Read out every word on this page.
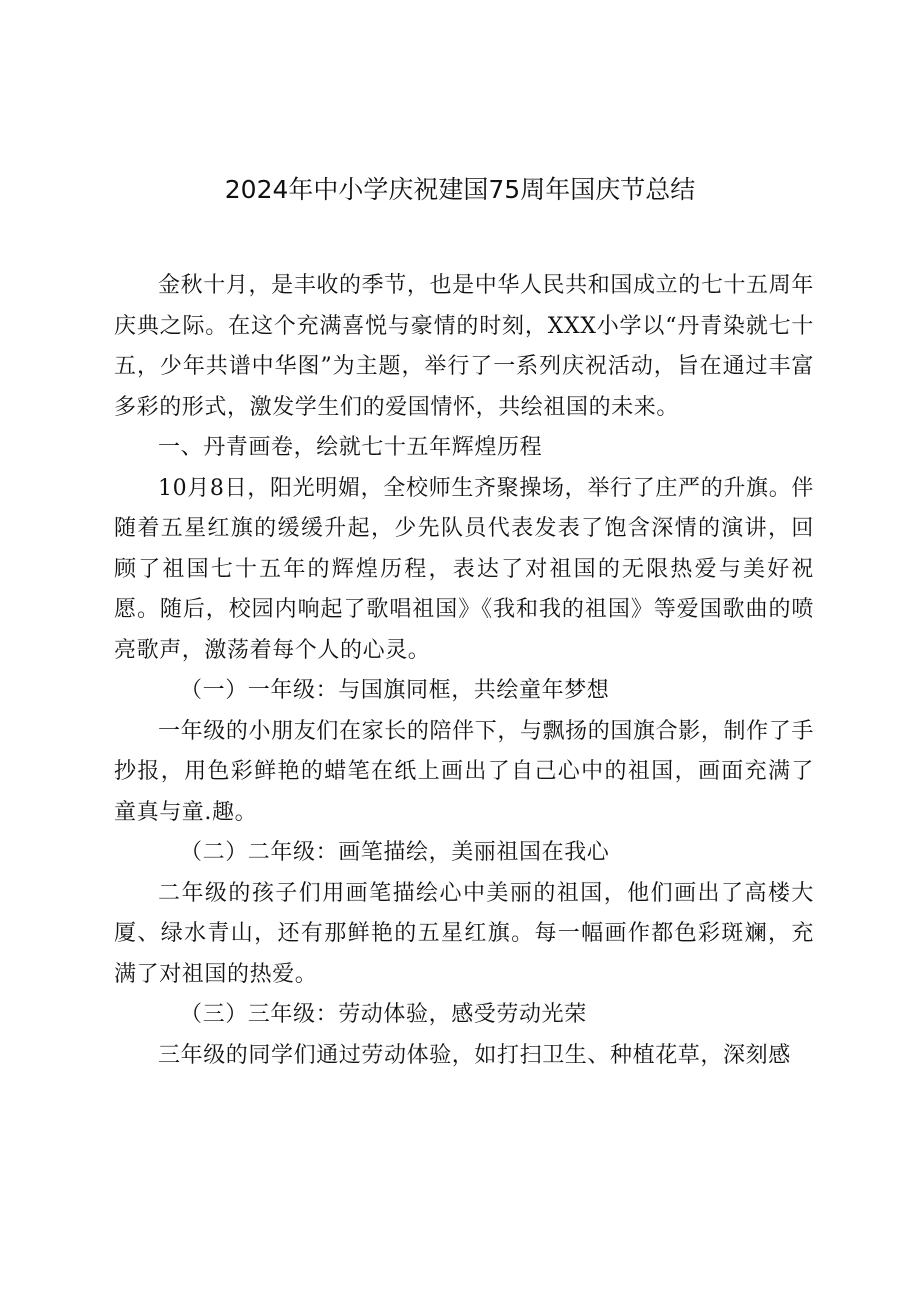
2024年中小学庆祝建国75周年国庆节总结

金秋十月，是丰收的季节，也是中华人民共和国成立的七十五周年庆典之际。在这个充满喜悦与豪情的时刻，XXX小学以“丹青染就七十五，少年共谱中华图”为主题，举行了一系列庆祝活动，旨在通过丰富多彩的形式，激发学生们的爱国情怀，共绘祖国的未来。

一、丹青画卷，绘就七十五年辉煌历程

10月8日，阳光明媚，全校师生齐聚操场，举行了庄严的升旗。伴随着五星红旗的缓缓升起，少先队员代表发表了饱含深情的演讲，回顾了祖国七十五年的辉煌历程，表达了对祖国的无限热爱与美好祝愿。随后，校园内响起了歌唱祖国》《我和我的祖国》等爱国歌曲的喷亮歌声，激荡着每个人的心灵。

（一）一年级：与国旗同框，共绘童年梦想

一年级的小朋友们在家长的陪伴下，与飘扬的国旗合影，制作了手抄报，用色彩鲜艳的蜡笔在纸上画出了自己心中的祖国，画面充满了童真与童.趣。

（二）二年级：画笔描绘，美丽祖国在我心

二年级的孩子们用画笔描绘心中美丽的祖国，他们画出了高楼大厦、绿水青山，还有那鲜艳的五星红旗。每一幅画作都色彩斑斓，充满了对祖国的热爱。

（三）三年级：劳动体验，感受劳动光荣

三年级的同学们通过劳动体验，如打扫卫生、种植花草，深刻感
